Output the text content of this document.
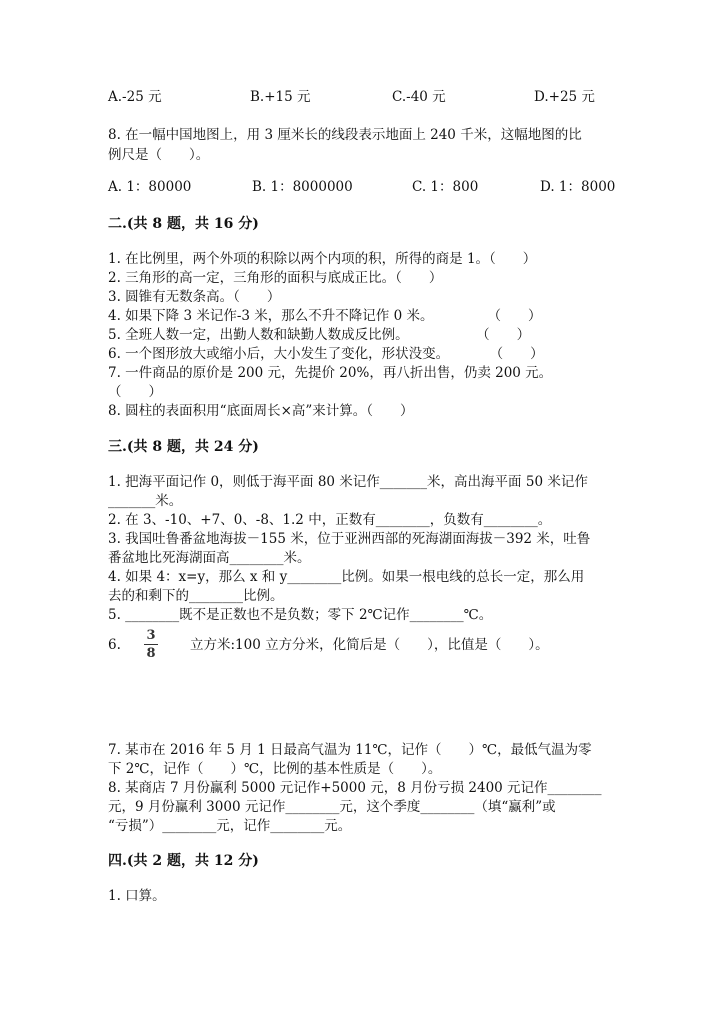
A.-25 元	B.+15 元	C.-40 元	D.+25 元
8. 在一幅中国地图上，用 3 厘米长的线段表示地面上 240 千米，这幅地图的比
例尺是（　　）。
A. 1：80000	B. 1：8000000	C. 1：800	D. 1：8000
二.(共 8 题，共 16 分)
1. 在比例里，两个外项的积除以两个内项的积，所得的商是 1。（　　）
2. 三角形的高一定，三角形的面积与底成正比。（　　）
3. 圆锥有无数条高。（　　）
4. 如果下降 3 米记作-3 米，那么不升不降记作 0 米。　　　　　（　　）
5. 全班人数一定，出勤人数和缺勤人数成反比例。　　　　　　（　　）
6. 一个图形放大或缩小后，大小发生了变化，形状没变。　　　　（　　）
7. 一件商品的原价是 200 元，先提价 20%，再八折出售，仍卖 200 元。
（　　）
8. 圆柱的表面积用“底面周长×高”来计算。（　　）
三.(共 8 题，共 24 分)
1. 把海平面记作 0，则低于海平面 80 米记作_______米，高出海平面 50 米记作
_______米。
2. 在 3、-10、+7、0、-8、1.2 中，正数有________，负数有________。
3. 我国吐鲁番盆地海拔－155 米，位于亚洲西部的死海湖面海拔－392 米，吐鲁
番盆地比死海湖面高________米。
4. 如果 4：x=y，那么 x 和 y________比例。如果一根电线的总长一定，那么用
去的和剩下的________比例。
5. ________既不是正数也不是负数；零下 2℃记作________℃。
6.
3
8
立方米:100 立方分米，化简后是（　　），比值是（　　）。
7. 某市在 2016 年 5 月 1 日最高气温为 11℃，记作（　　）℃，最低气温为零
下 2℃，记作（　　）℃，比例的基本性质是（　　）。
8. 某商店 7 月份赢利 5000 元记作+5000 元，8 月份亏损 2400 元记作________
元，9 月份赢利 3000 元记作________元，这个季度________（填“赢利”或
“亏损”）________元，记作________元。
四.(共 2 题，共 12 分)
1. 口算。
